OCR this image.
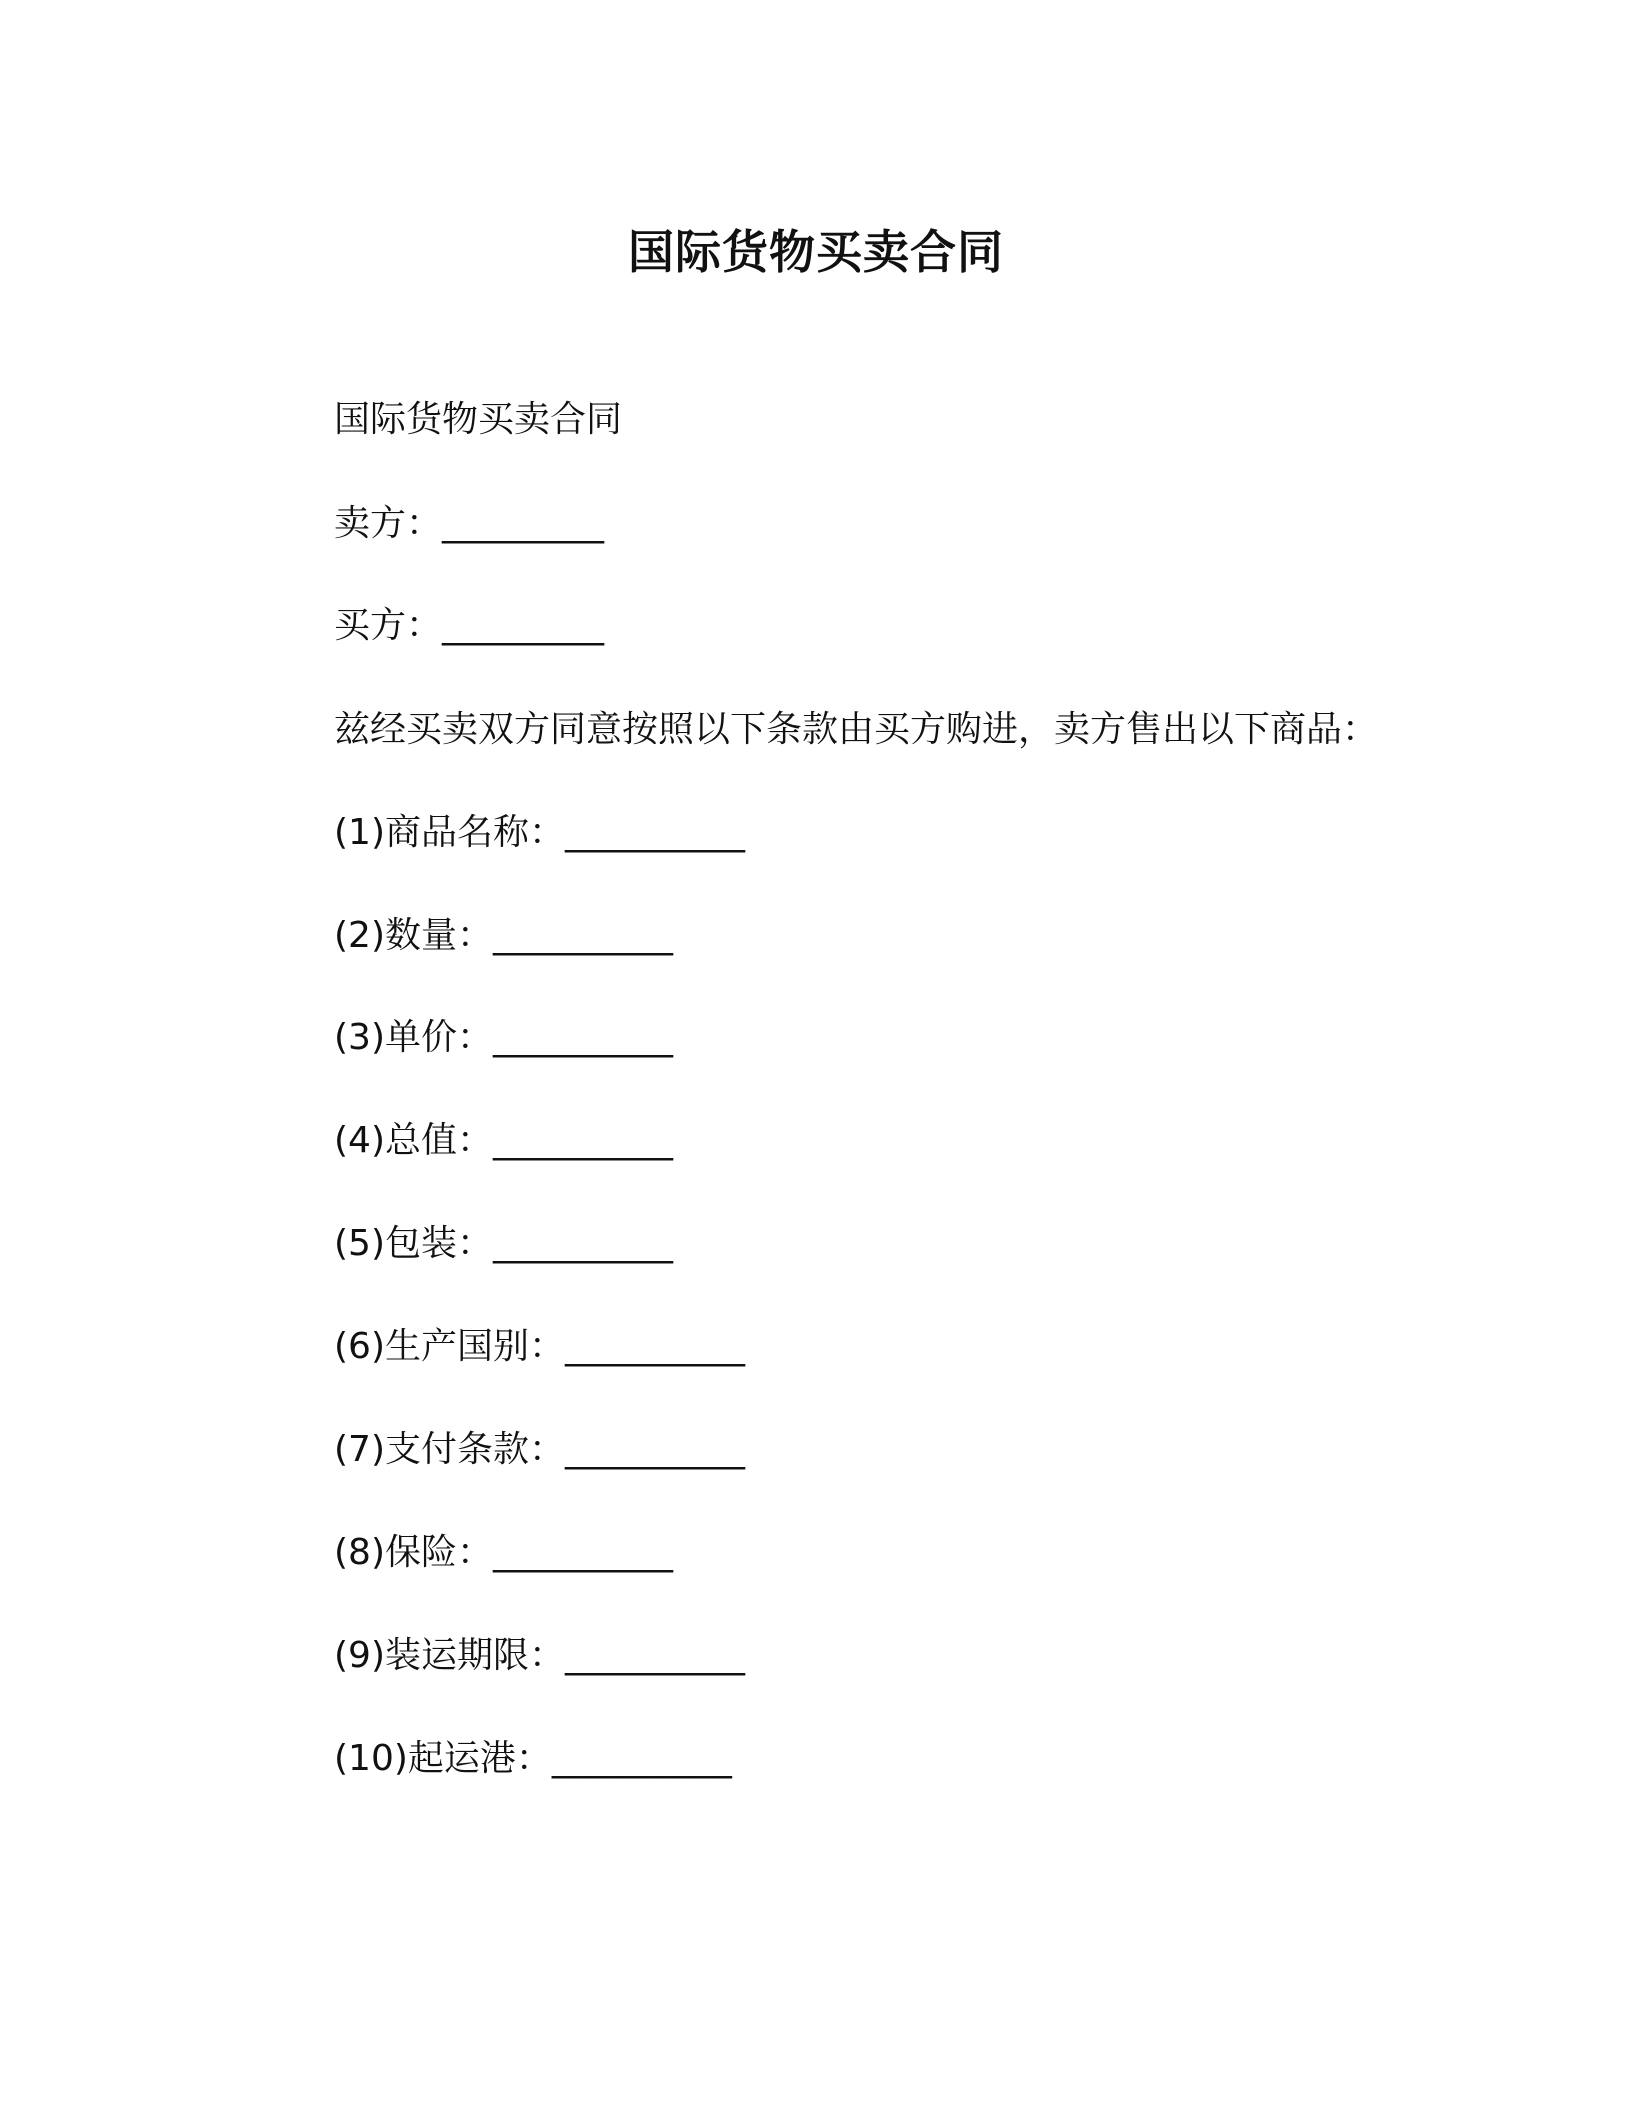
国际货物买卖合同
国际货物买卖合同
卖方：_________
买方：_________
兹经买卖双方同意按照以下条款由买方购进，卖方售出以下商品：
(1)商品名称：__________
(2)数量：__________
(3)单价：__________
(4)总值：__________
(5)包装：__________
(6)生产国别：__________
(7)支付条款：__________
(8)保险：__________
(9)装运期限：__________
(10)起运港：__________
